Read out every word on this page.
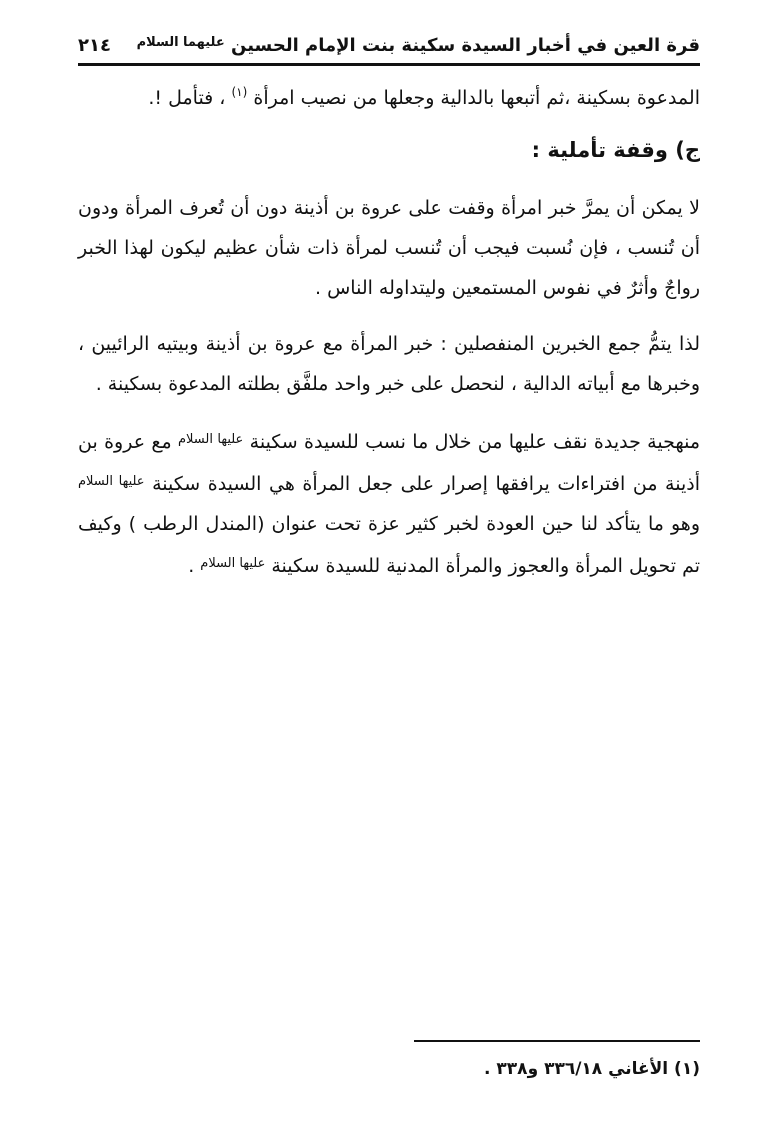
قرة العين في أخبار السيدة سكينة بنت الإمام الحسين $^{عليهما السلام}$
٢١٤

المدعوة بسكينة ،ثم أتبعها بالدالية وجعلها من نصيب امرأة $^{(١)}$ ، فتأمل !.

ج) وقفة تأملية :

لا يمكن أن يمرَّ خبر امرأة وقفت على عروة بن أذينة دون أن تُعرف المرأة ودون أن تُنسب ، فإن نُسبت فيجب أن تُنسب لمرأة ذات شأن عظيم ليكون لهذا الخبر رواجٌ وأثرٌ في نفوس المستمعين وليتداوله الناس .

لذا يتمُّ جمع الخبرين المنفصلين : خبر المرأة مع عروة بن أذينة وبيتيه الرائيين ، وخبرها مع أبياته الدالية ، لنحصل على خبر واحد ملفَّق بطلته المدعوة بسكينة .

منهجية جديدة نقف عليها من خلال ما نسب للسيدة سكينة $^{عليها السلام}$ مع عروة بن أذينة من افتراءات يرافقها إصرار على جعل المرأة هي السيدة سكينة $^{عليها السلام}$ وهو ما يتأكد لنا حين العودة لخبر كثير عزة تحت عنوان (المندل الرطب ) وكيف تم تحويل المرأة والعجوز والمرأة المدنية للسيدة سكينة $^{عليها السلام}$ .

(١) الأغاني ٣٣٦/١٨ و٣٣٨ .
